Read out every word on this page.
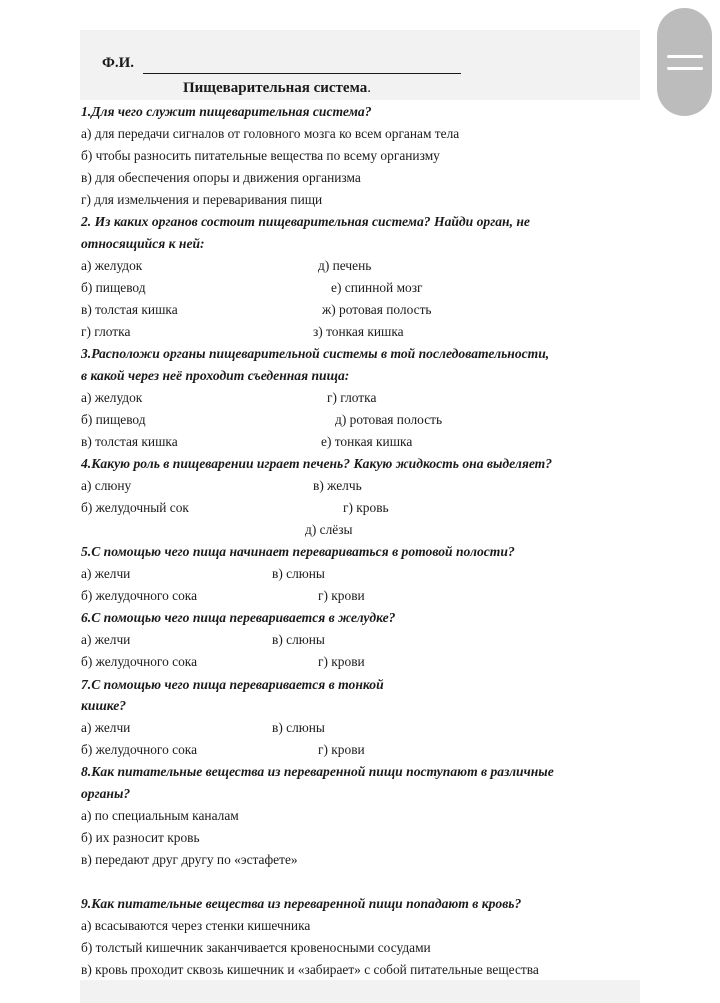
Ф.И.
Пищеварительная система.
1.Для чего служит пищеварительная система?
а) для передачи сигналов от головного мозга ко всем органам тела
б) чтобы разносить питательные вещества по всему организму
в) для обеспечения опоры и движения организма
г) для измельчения и переваривания пищи
2. Из каких органов состоит пищеварительная система? Найди орган, не
относящийся к ней:
а) желудок	д) печень
б) пищевод	е) спинной мозг
в) толстая кишка	ж) ротовая полость
г) глотка	з) тонкая кишка
3.Расположи органы пищеварительной системы в той последовательности,
в какой через неё проходит съеденная пища:
а) желудок	г) глотка
б) пищевод	д) ротовая полость
в) толстая кишка	е) тонкая кишка
4.Какую роль в пищеварении играет печень? Какую жидкость она выделяет?
а) слюну	в) желчь
б) желудочный сок	г) кровь
д) слёзы
5.С помощью чего пища начинает перевариваться в ротовой полости?
а) желчи	в) слюны
б) желудочного сока	г) крови
6.С помощью чего пища переваривается в желудке?
а) желчи	в) слюны
б) желудочного сока	г) крови
7.С помощью чего пища переваривается в тонкой
кишке?
а) желчи	в) слюны
б) желудочного сока	г) крови
8.Как питательные вещества из переваренной пищи поступают в различные
органы?
а) по специальным каналам
б) их разносит кровь
в) передают друг другу по «эстафете»
9.Как питательные вещества из переваренной пищи попадают в кровь?
а) всасываются через стенки кишечника
б) толстый кишечник заканчивается кровеносными сосудами
в) кровь проходит сквозь кишечник и «забирает» с собой питательные вещества
